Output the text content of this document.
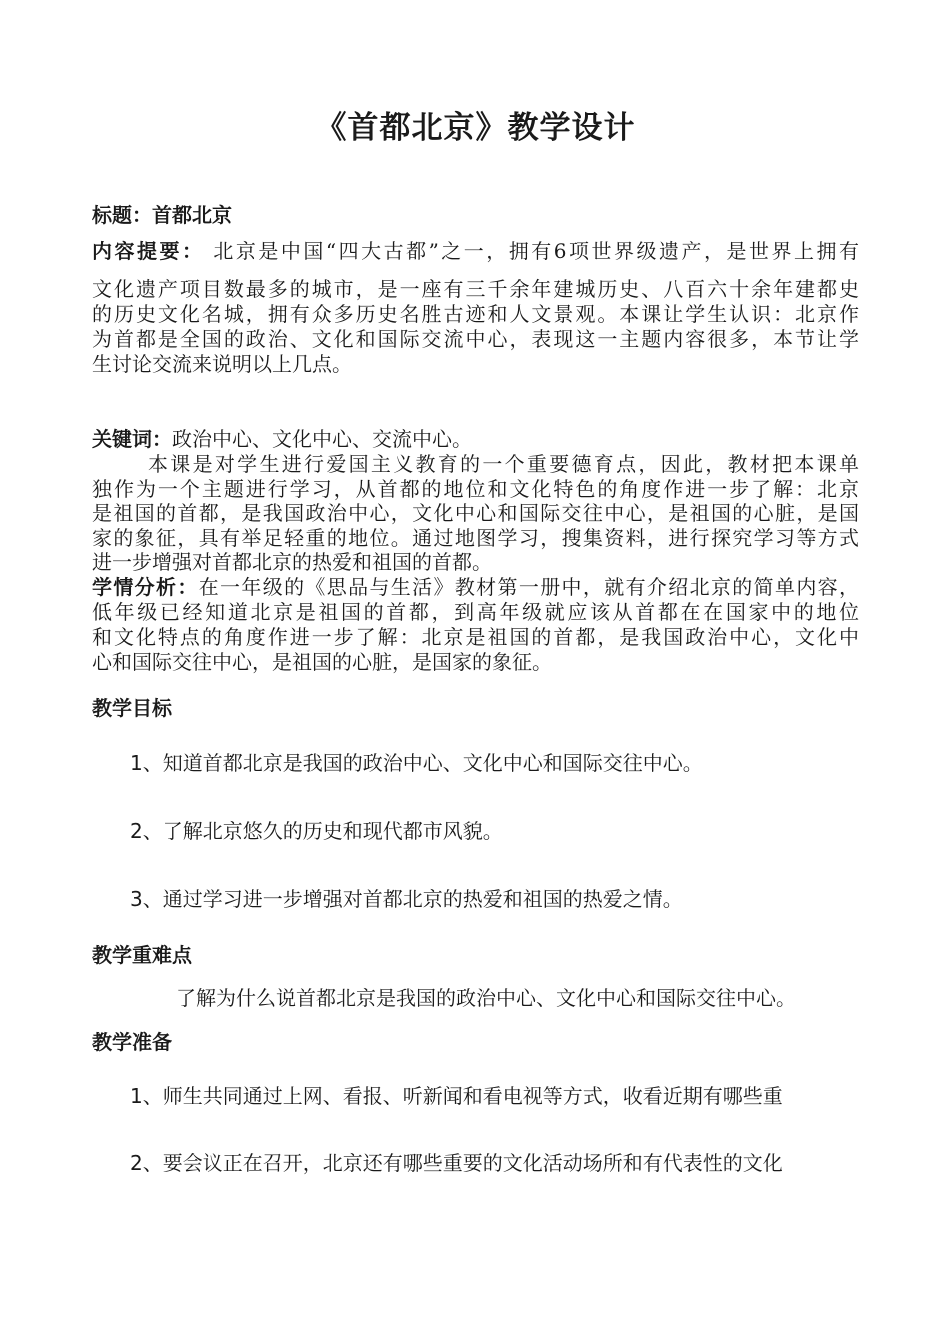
《首都北京》教学设计
标题：首都北京
内容提要： 北京是中国“四大古都”之一，拥有6项世界级遗产，是世界上拥有
文化遗产项目数最多的城市，是一座有三千余年建城历史、八百六十余年建都史
的历史文化名城，拥有众多历史名胜古迹和人文景观。本课让学生认识：北京作
为首都是全国的政治、文化和国际交流中心，表现这一主题内容很多，本节让学
生讨论交流来说明以上几点。
关键词：政治中心、文化中心、交流中心。
本课是对学生进行爱国主义教育的一个重要德育点，因此，教材把本课单
独作为一个主题进行学习，从首都的地位和文化特色的角度作进一步了解：北京
是祖国的首都，是我国政治中心，文化中心和国际交往中心，是祖国的心脏，是国
家的象征，具有举足轻重的地位。通过地图学习，搜集资料，进行探究学习等方式
进一步增强对首都北京的热爱和祖国的首都。
学情分析：在一年级的《思品与生活》教材第一册中，就有介绍北京的简单内容，
低年级已经知道北京是祖国的首都，到高年级就应该从首都在在国家中的地位
和文化特点的角度作进一步了解：北京是祖国的首都，是我国政治中心，文化中
心和国际交往中心，是祖国的心脏，是国家的象征。
教学目标
1、知道首都北京是我国的政治中心、文化中心和国际交往中心。
2、了解北京悠久的历史和现代都市风貌。
3、通过学习进一步增强对首都北京的热爱和祖国的热爱之情。
教学重难点
了解为什么说首都北京是我国的政治中心、文化中心和国际交往中心。
教学准备
1、师生共同通过上网、看报、听新闻和看电视等方式，收看近期有哪些重
2、要会议正在召开，北京还有哪些重要的文化活动场所和有代表性的文化
